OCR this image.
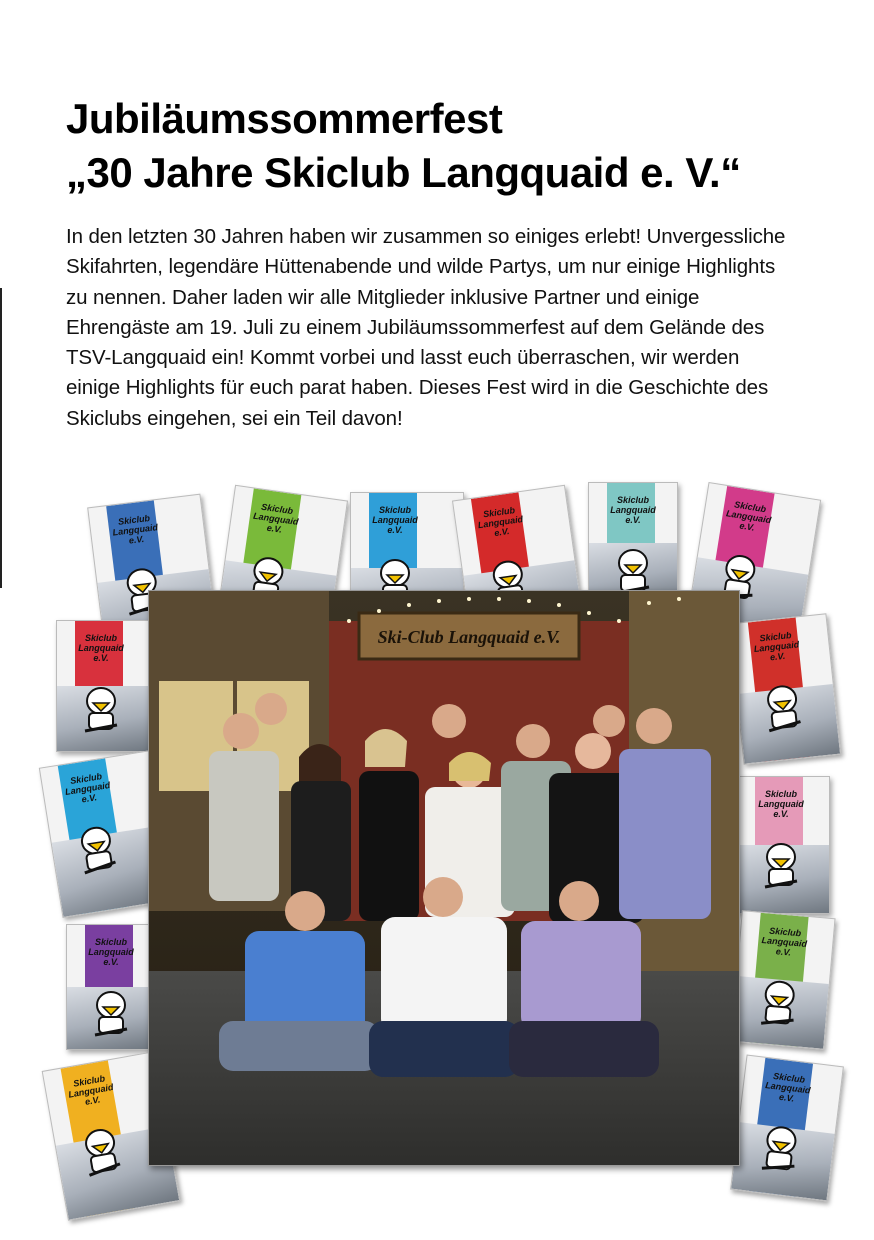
Jubiläumssommerfest
„30 Jahre Skiclub Langquaid e. V.“

In den letzten 30 Jahren haben wir zusammen so einiges erlebt! Unvergessliche Skifahrten, legendäre Hüttenabende und wilde Partys, um nur einige Highlights zu nennen. Daher laden wir alle Mitglieder inklusive Partner und einige Ehrengäste am 19. Juli zu einem Jubiläumssommerfest auf dem Gelände des TSV-Langquaid ein! Kommt vorbei und lasst euch überraschen, wir werden einige Highlights für euch parat haben. Dieses Fest wird in die Geschichte des Skiclubs eingehen, sei ein Teil davon!

Skiclub Langquaid e.V.
Skiclub Langquaid e.V.
Skiclub Langquaid e.V.
Skiclub Langquaid e.V.
Skiclub Langquaid e.V.
Skiclub Langquaid e.V.
Skiclub Langquaid e.V.
Skiclub Langquaid e.V.
Skiclub Langquaid e.V.
Skiclub Langquaid e.V.
Skiclub Langquaid e.V.
Skiclub Langquaid e.V.
Skiclub Langquaid e.V.
Skiclub Langquaid e.V.
Ski-Club Langquaid e.V.
